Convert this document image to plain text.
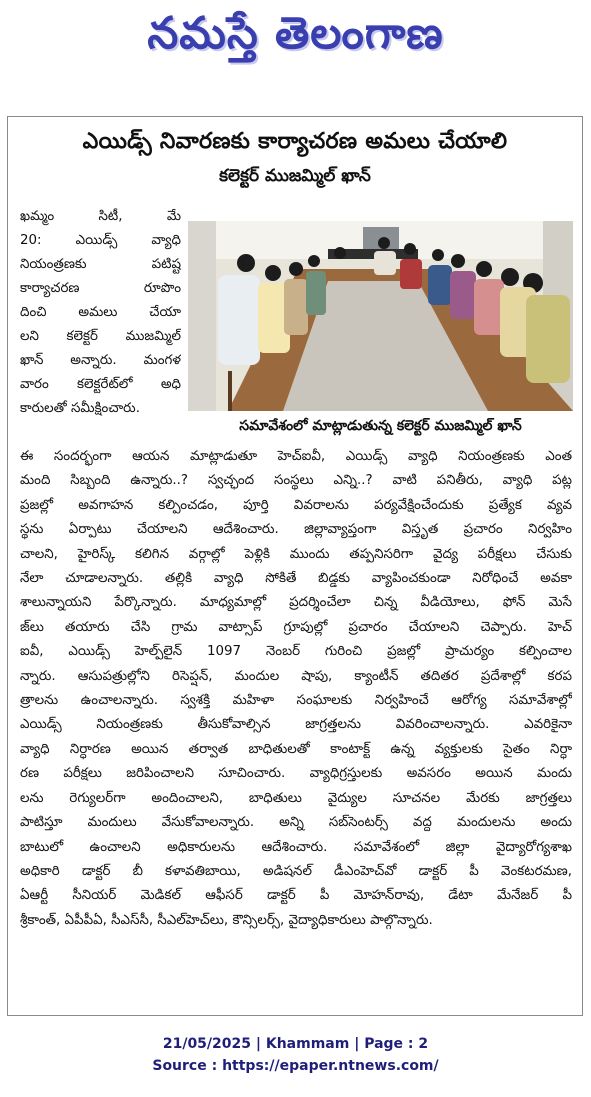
నమస్తే తెలంగాణ
ఎయిడ్స్ నివారణకు కార్యాచరణ అమలు చేయాలి
కలెక్టర్ ముజమ్మిల్ ఖాన్
ఖమ్మం సిటీ, మే
20: ఎయిడ్స్ వ్యాధి
నియంత్రణకు పటిష్ట
కార్యాచరణ రూపొం
దించి అమలు చేయా
లని కలెక్టర్ ముజమ్మిల్
ఖాన్ అన్నారు. మంగళ
వారం కలెక్టరేట్‌లో అధి
కారులతో సమీక్షించారు.
సమావేశంలో మాట్లాడుతున్న కలెక్టర్ ముజమ్మిల్ ఖాన్
ఈ సందర్భంగా ఆయన మాట్లాడుతూ హెచ్‌ఐవీ, ఎయిడ్స్ వ్యాధి నియంత్రణకు ఎంత
మంది సిబ్బంది ఉన్నారు..? స్వచ్ఛంద సంస్థలు ఎన్ని..? వాటి పనితీరు, వ్యాధి పట్ల
ప్రజల్లో అవగాహన కల్పించడం, పూర్తి వివరాలను పర్యవేక్షించేందుకు ప్రత్యేక వ్యవ
స్థను ఏర్పాటు చేయాలని ఆదేశించారు. జిల్లావ్యాప్తంగా విస్తృత ప్రచారం నిర్వహిం
చాలని, హైరిస్క్ కలిగిన వర్గాల్లో పెళ్లికి ముందు తప్పనిసరిగా వైద్య పరీక్షలు చేసుకు
నేలా చూడాలన్నారు. తల్లికి వ్యాధి సోకితే బిడ్డకు వ్యాపించకుండా నిరోధించే అవకా
శాలున్నాయని పేర్కొన్నారు. మాధ్యమాల్లో ప్రదర్శించేలా చిన్న వీడియోలు, ఫోన్ మెసే
జ్‌లు తయారు చేసి గ్రామ వాట్సాప్ గ్రూపుల్లో ప్రచారం చేయాలని చెప్పారు. హెచ్
ఐవీ, ఎయిడ్స్ హెల్ప్‌లైన్ 1097 నెంబర్ గురించి ప్రజల్లో ప్రాచుర్యం కల్పించాల
న్నారు. ఆసుపత్రుల్లోని రిసెప్షన్, మందుల షాపు, క్యాంటీన్ తదితర ప్రదేశాల్లో కరప
త్రాలను ఉంచాలన్నారు. స్వశక్తి మహిళా సంఘాలకు నిర్వహించే ఆరోగ్య సమావేశాల్లో
ఎయిడ్స్ నియంత్రణకు తీసుకోవాల్సిన జాగ్రత్తలను వివరించాలన్నారు. ఎవరికైనా
వ్యాధి నిర్ధారణ అయిన తర్వాత బాధితులతో కాంటాక్ట్ ఉన్న వ్యక్తులకు సైతం నిర్ధా
రణ పరీక్షలు జరిపించాలని సూచించారు. వ్యాధిగ్రస్తులకు అవసరం అయిన మందు
లను రెగ్యులర్‌గా అందించాలని, బాధితులు వైద్యుల సూచనల మేరకు జాగ్రత్తలు
పాటిస్తూ మందులు వేసుకోవాలన్నారు. అన్ని సబ్‌సెంటర్స్ వద్ద మందులను అందు
బాటులో ఉంచాలని అధికారులను ఆదేశించారు. సమావేశంలో జిల్లా వైద్యారోగ్యశాఖ
అధికారి డాక్టర్ బీ కళావతిబాయి, అడిషనల్ డీఎంహెచ్‌వో డాక్టర్ పీ వెంకటరమణ,
ఏఆర్టీ సీనియర్ మెడికల్ ఆఫీసర్ డాక్టర్ పీ మోహన్‌రావు, డేటా మేనేజర్ పీ
శ్రీకాంత్, ఏపీపీఏ, సీఎస్‌సీ, సీఎల్‌హెచ్‌లు, కౌన్సిలర్స్, వైద్యాధికారులు పాల్గొన్నారు.
21/05/2025 | Khammam | Page : 2
Source : https://epaper.ntnews.com/
